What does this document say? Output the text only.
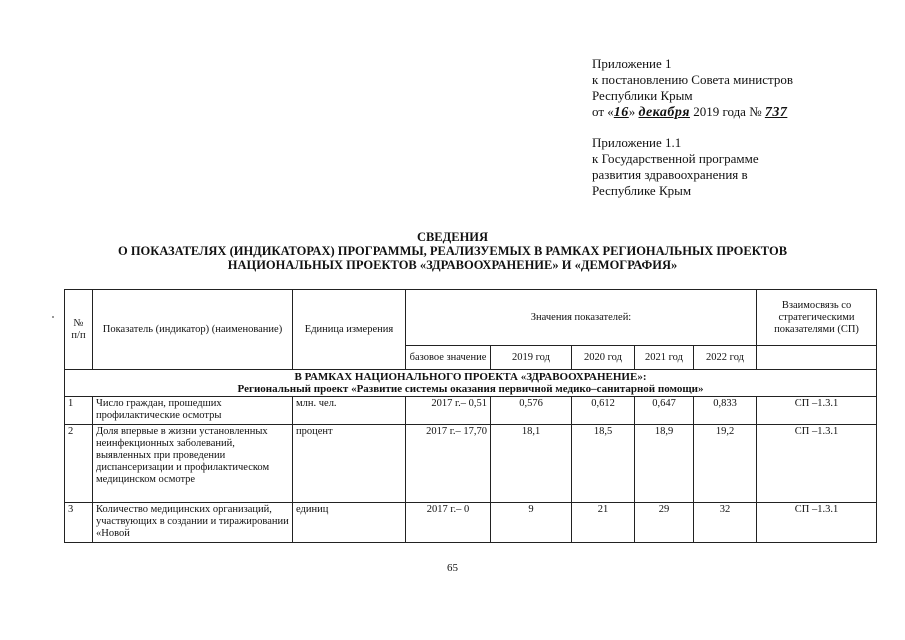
Приложение 1
к постановлению Совета министров
Республики Крым
от «16» декабря 2019 года № 737
Приложение 1.1
к Государственной программе
развития здравоохранения в
Республике Крым
СВЕДЕНИЯ
О ПОКАЗАТЕЛЯХ (ИНДИКАТОРАХ) ПРОГРАММЫ, РЕАЛИЗУЕМЫХ В РАМКАХ РЕГИОНАЛЬНЫХ ПРОЕКТОВ
НАЦИОНАЛЬНЫХ ПРОЕКТОВ «ЗДРАВООХРАНЕНИЕ» И «ДЕМОГРАФИЯ»
№ п/п	Показатель (индикатор) (наименование)	Единица измерения	Значения показателей:					Взаимосвязь со стратегическими показателями (СП)
			базовое значение	2019 год	2020 год	2021 год	2022 год	

В РАМКАХ НАЦИОНАЛЬНОГО ПРОЕКТА «ЗДРАВООХРАНЕНИЕ»:
Региональный проект «Развитие системы оказания первичной медико–санитарной помощи»								

1	Число граждан, прошедших профилактические осмотры	млн. чел.	2017 г.– 0,51	0,576	0,612	0,647	0,833	СП –1.3.1
2	Доля впервые в жизни установленных неинфекционных заболеваний, выявленных при проведении диспансеризации и профилактическом медицинском осмотре	процент	2017 г.– 17,70	18,1	18,5	18,9	19,2	СП –1.3.1
3	Количество медицинских организаций, участвующих в создании и тиражировании «Новой	единиц	2017 г.– 0	9	21	29	32	СП –1.3.1
65
